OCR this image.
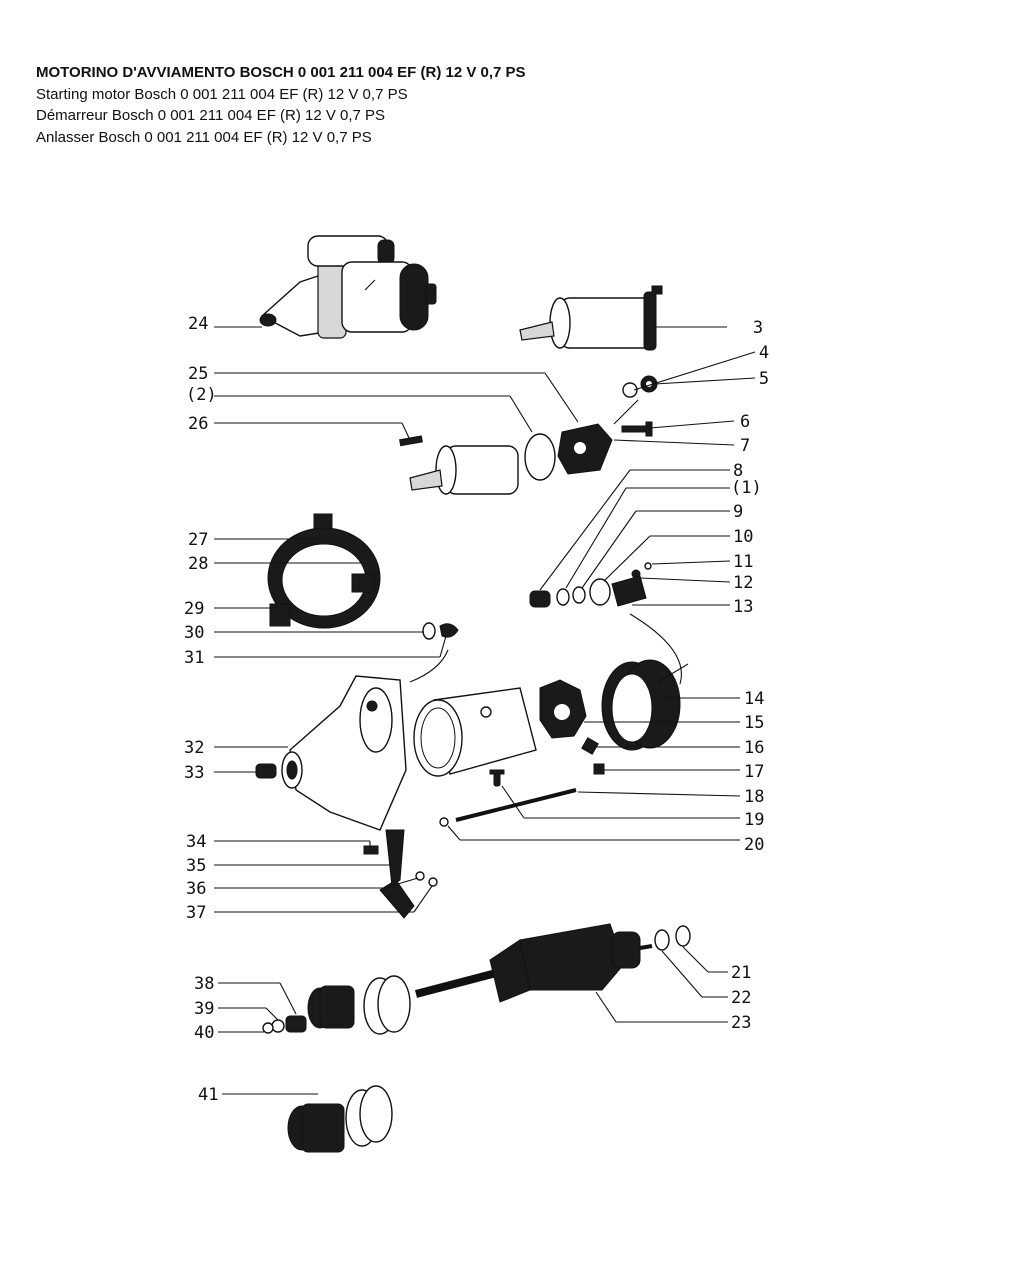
MOTORINO D'AVVIAMENTO BOSCH 0 001 211 004 EF (R) 12 V 0,7 PS
Starting motor Bosch 0 001 211 004 EF (R) 12 V 0,7 PS
Démarreur Bosch 0 001 211 004 EF (R) 12 V 0,7 PS
Anlasser Bosch 0 001 211 004 EF (R) 12 V 0,7 PS
3
4
5
6
7
8
(1)
9
10
11
12
13
14
15
16
17
18
19
20
21
22
23
24
25
(2)
26
27
28
29
30
31
32
33
34
35
36
37
38
39
40
41
